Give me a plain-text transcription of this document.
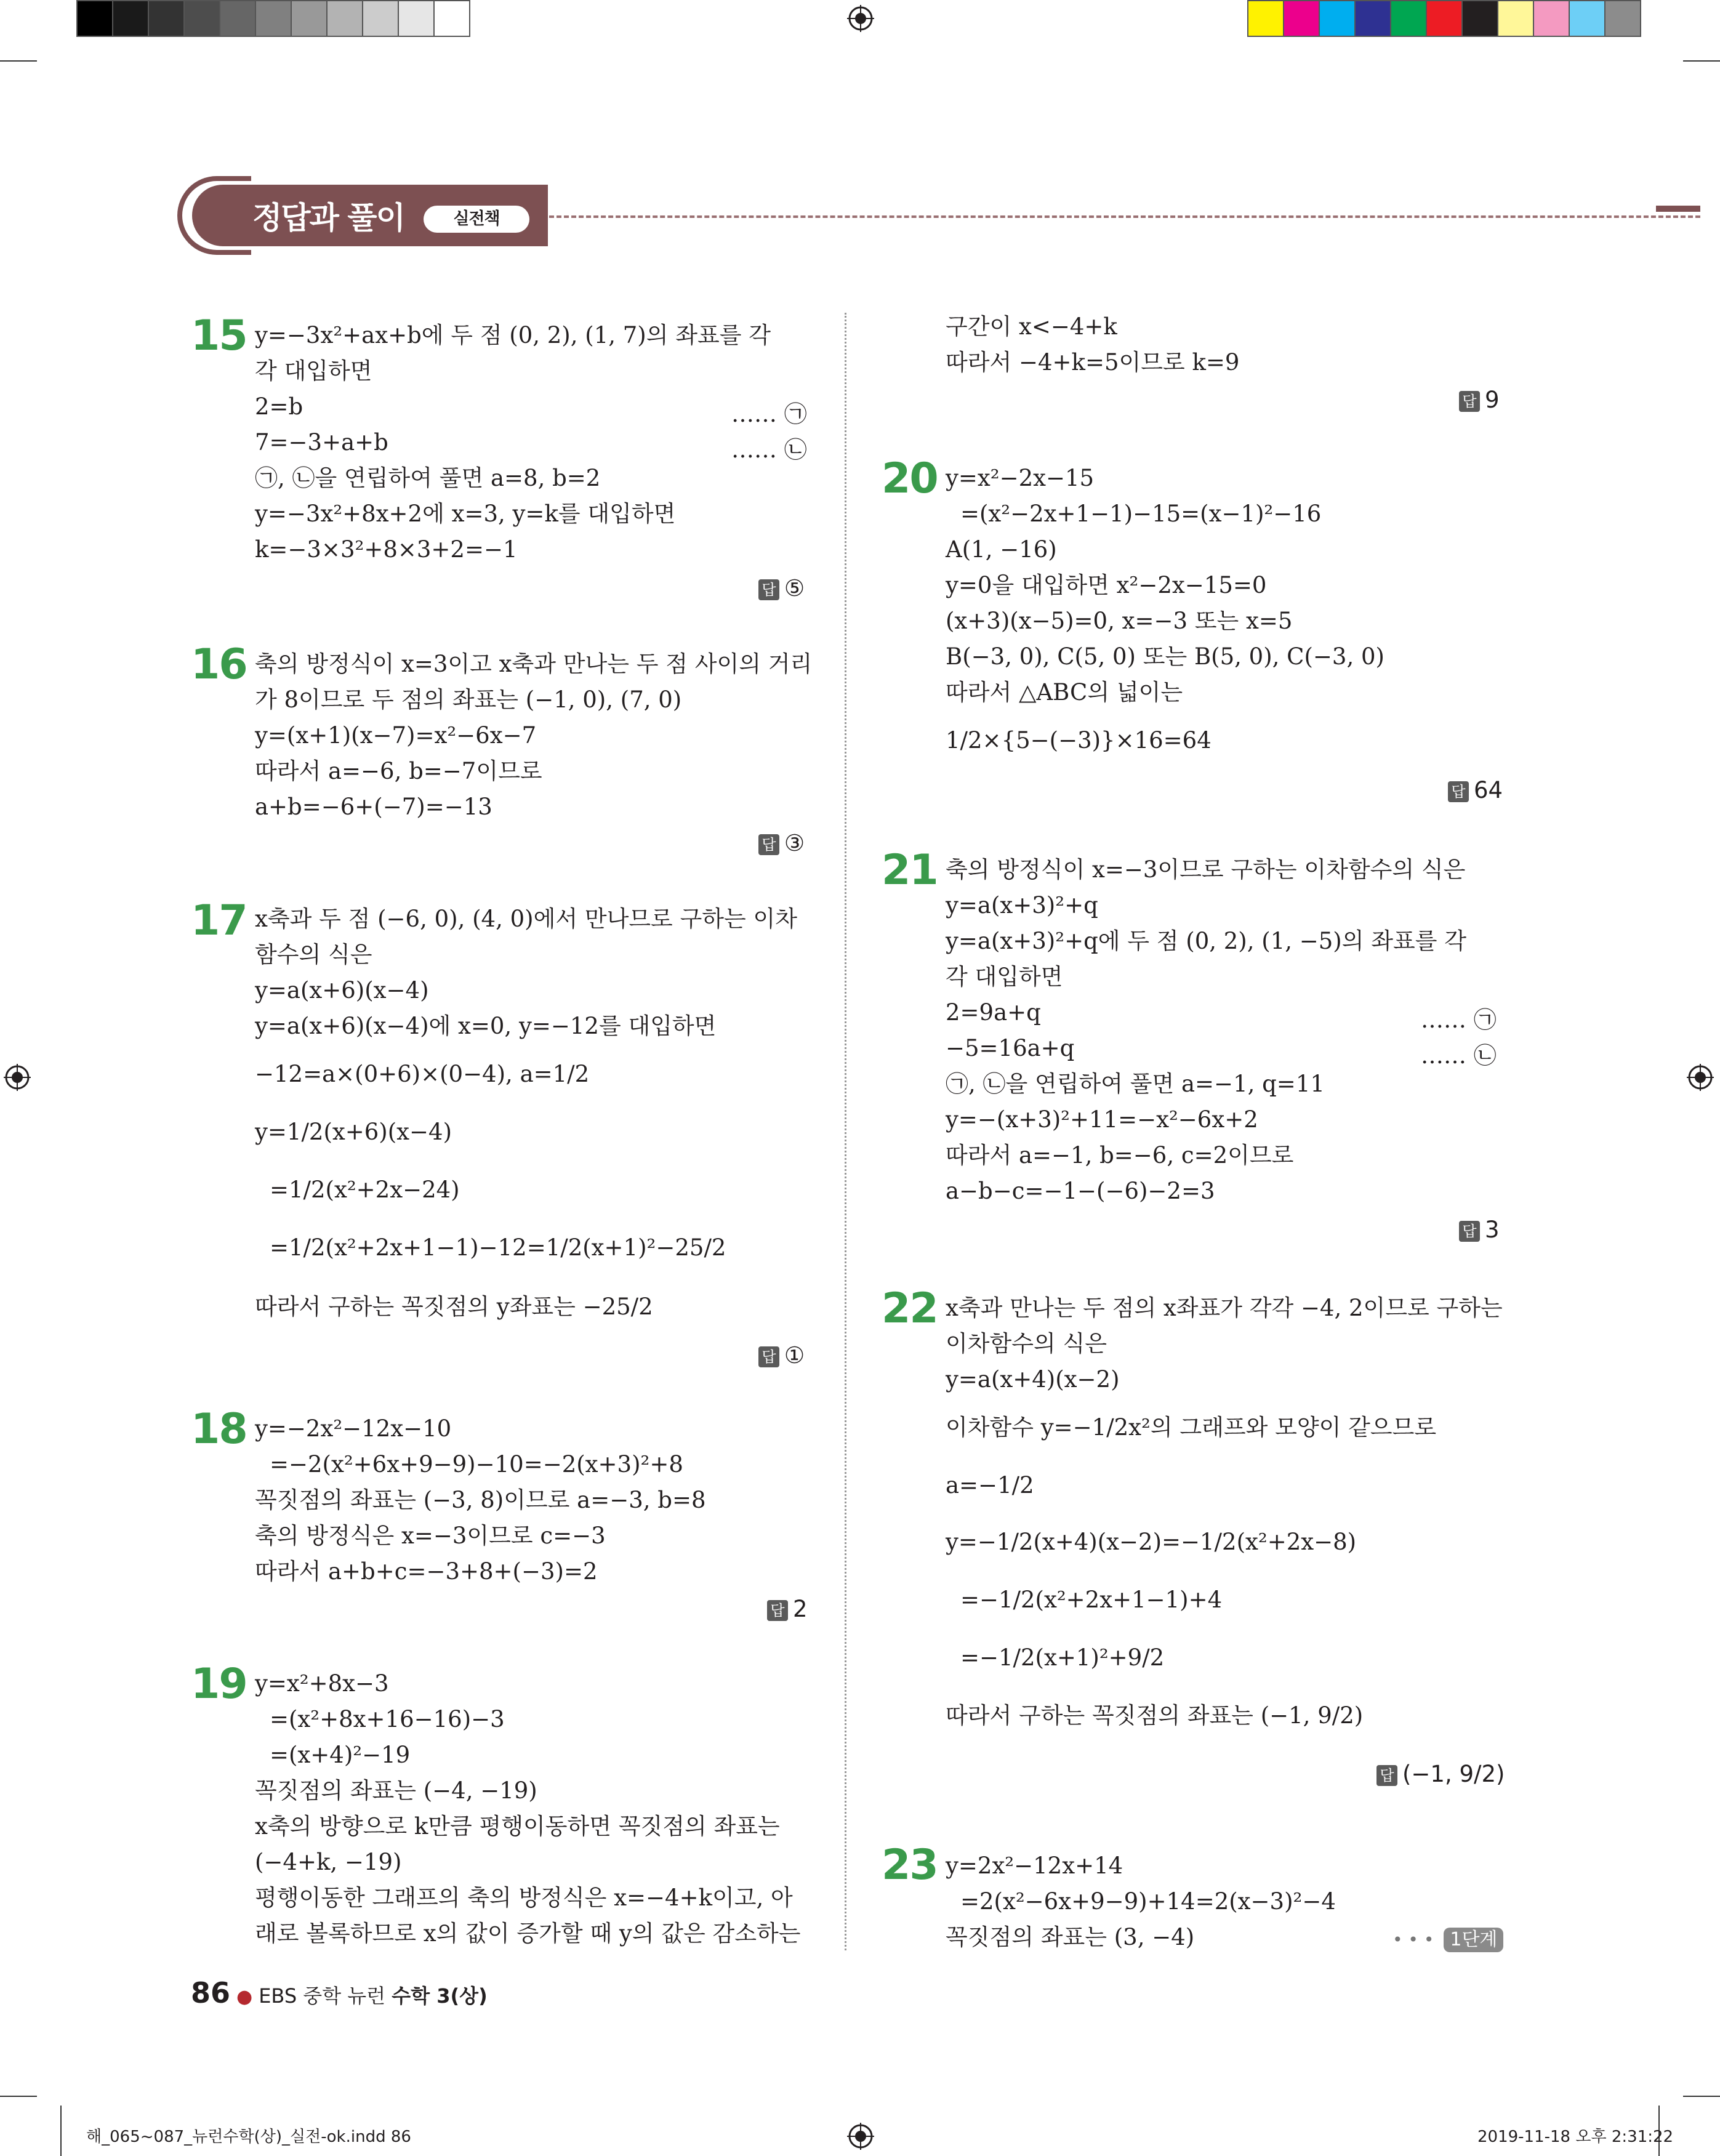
정답과 풀이	실전책
15 y=−3x²+ax+b에 두 점 (0, 2), (1, 7)의 좌표를 각
각 대입하면
2=b	…… ㉠
7=−3+a+b	…… ㉡
㉠, ㉡을 연립하여 풀면 a=8, b=2
y=−3x²+8x+2에 x=3, y=k를 대입하면
k=−3×3²+8×3+2=−1
답 ⑤
16 축의 방정식이 x=3이고 x축과 만나는 두 점 사이의 거리
가 8이므로 두 점의 좌표는 (−1, 0), (7, 0)
y=(x+1)(x−7)=x²−6x−7
따라서 a=−6, b=−7이므로
a+b=−6+(−7)=−13
답 ③
17 x축과 두 점 (−6, 0), (4, 0)에서 만나므로 구하는 이차
함수의 식은
y=a(x+6)(x−4)
y=a(x+6)(x−4)에 x=0, y=−12를 대입하면
−12=a×(0+6)×(0−4), a=1/2
y=1/2(x+6)(x−4)
=1/2(x²+2x−24)
=1/2(x²+2x+1−1)−12=1/2(x+1)²−25/2
따라서 구하는 꼭짓점의 y좌표는 −25/2
답 ①
18 y=−2x²−12x−10
=−2(x²+6x+9−9)−10=−2(x+3)²+8
꼭짓점의 좌표는 (−3, 8)이므로 a=−3, b=8
축의 방정식은 x=−3이므로 c=−3
따라서 a+b+c=−3+8+(−3)=2
답 2
19 y=x²+8x−3
=(x²+8x+16−16)−3
=(x+4)²−19
꼭짓점의 좌표는 (−4, −19)
x축의 방향으로 k만큼 평행이동하면 꼭짓점의 좌표는
(−4+k, −19)
평행이동한 그래프의 축의 방정식은 x=−4+k이고, 아
래로 볼록하므로 x의 값이 증가할 때 y의 값은 감소하는
구간이 x<−4+k
따라서 −4+k=5이므로 k=9
답 9
20 y=x²−2x−15
=(x²−2x+1−1)−15=(x−1)²−16
A(1, −16)
y=0을 대입하면 x²−2x−15=0
(x+3)(x−5)=0, x=−3 또는 x=5
B(−3, 0), C(5, 0) 또는 B(5, 0), C(−3, 0)
따라서 △ABC의 넓이는
1/2×{5−(−3)}×16=64
답 64
21 축의 방정식이 x=−3이므로 구하는 이차함수의 식은
y=a(x+3)²+q
y=a(x+3)²+q에 두 점 (0, 2), (1, −5)의 좌표를 각
각 대입하면
2=9a+q	…… ㉠
−5=16a+q	…… ㉡
㉠, ㉡을 연립하여 풀면 a=−1, q=11
y=−(x+3)²+11=−x²−6x+2
따라서 a=−1, b=−6, c=2이므로
a−b−c=−1−(−6)−2=3
답 3
22 x축과 만나는 두 점의 x좌표가 각각 −4, 2이므로 구하는
이차함수의 식은
y=a(x+4)(x−2)
이차함수 y=−1/2x²의 그래프와 모양이 같으므로
a=−1/2
y=−1/2(x+4)(x−2)=−1/2(x²+2x−8)
=−1/2(x²+2x+1−1)+4
=−1/2(x+1)²+9/2
따라서 구하는 꼭짓점의 좌표는 (−1, 9/2)
답 (−1, 9/2)
23 y=2x²−12x+14
=2(x²−6x+9−9)+14=2(x−3)²−4
꼭짓점의 좌표는 (3, −4)	• • • 1단계
86 ● EBS 중학 뉴런 수학 3(상)
해_065~087_뉴런수학(상)_실전-ok.indd 86	2019-11-18 오후 2:31:22
